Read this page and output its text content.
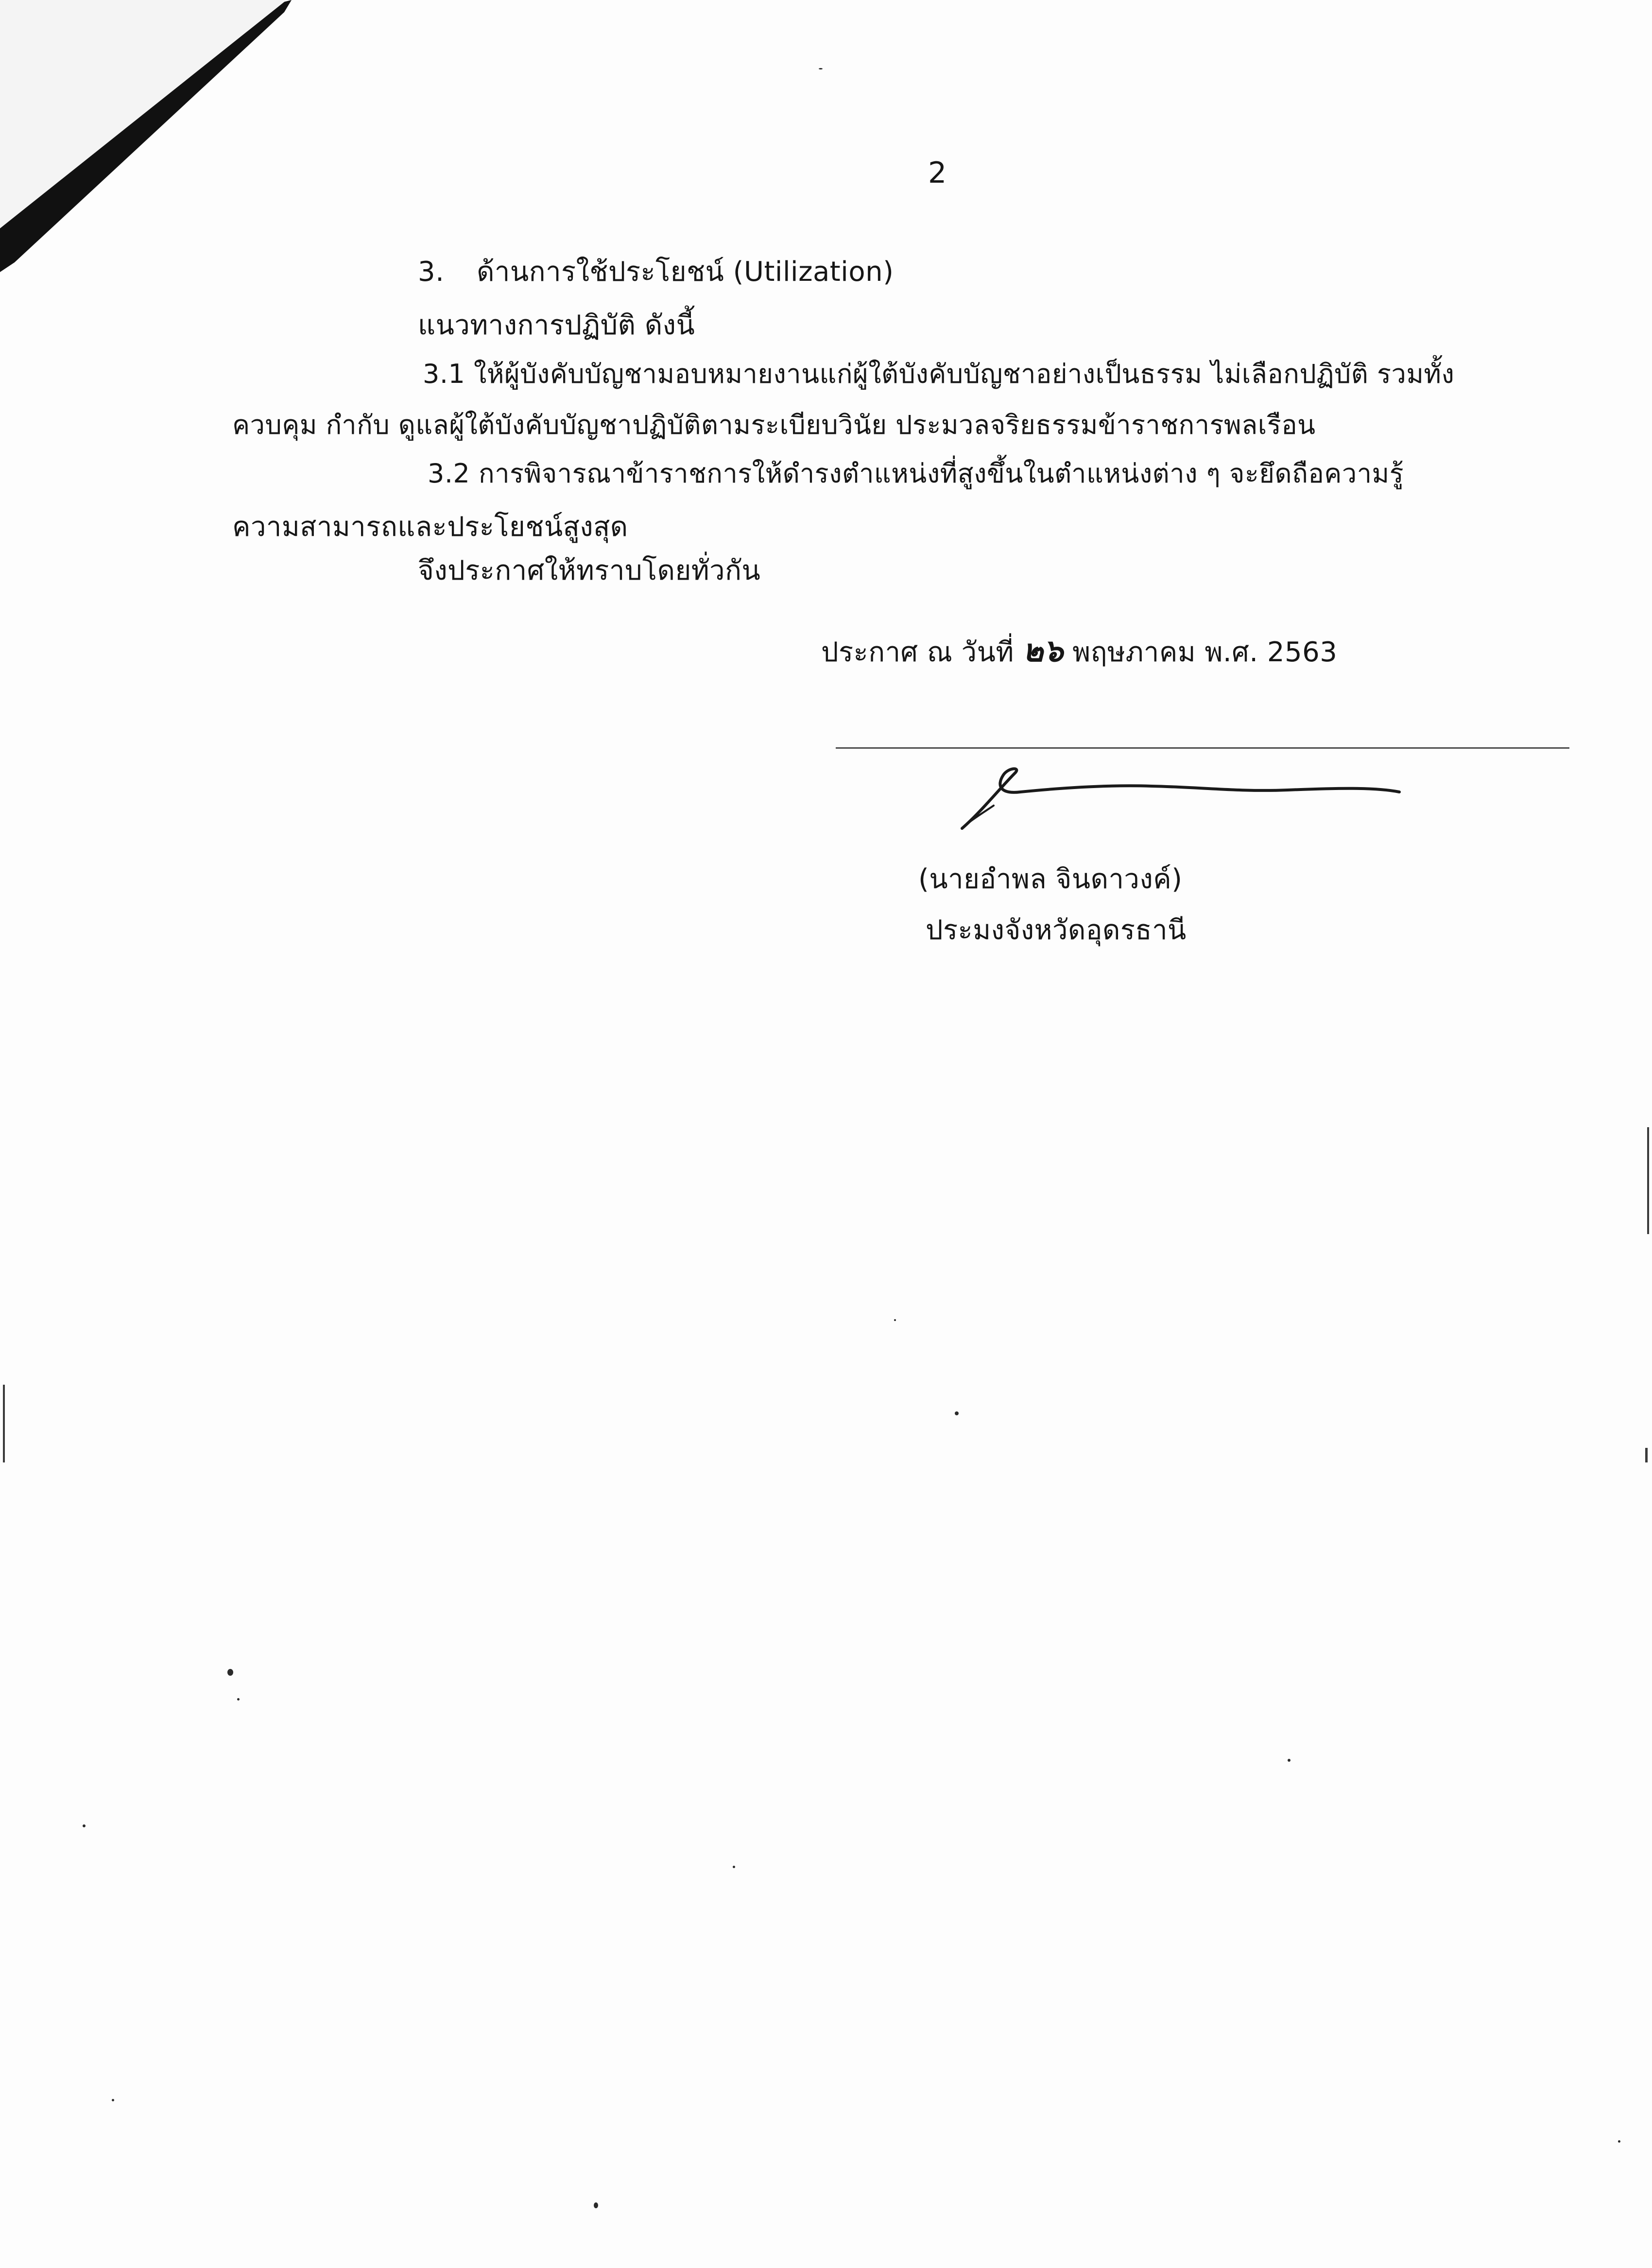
2
3. ด้านการใช้ประโยชน์ (Utilization)
แนวทางการปฏิบัติ ดังนี้
3.1 ให้ผู้บังคับบัญชามอบหมายงานแก่ผู้ใต้บังคับบัญชาอย่างเป็นธรรม ไม่เลือกปฏิบัติ รวมทั้ง
ควบคุม กำกับ ดูแลผู้ใต้บังคับบัญชาปฏิบัติตามระเบียบวินัย ประมวลจริยธรรมข้าราชการพลเรือน
3.2 การพิจารณาข้าราชการให้ดำรงตำแหน่งที่สูงขึ้นในตำแหน่งต่าง ๆ จะยึดถือความรู้
ความสามารถและประโยชน์สูงสุด
จึงประกาศให้ทราบโดยทั่วกัน
ประกาศ ณ วันที่ ๒๖ พฤษภาคม พ.ศ. 2563
(นายอำพล จินดาวงค์)
ประมงจังหวัดอุดรธานี
